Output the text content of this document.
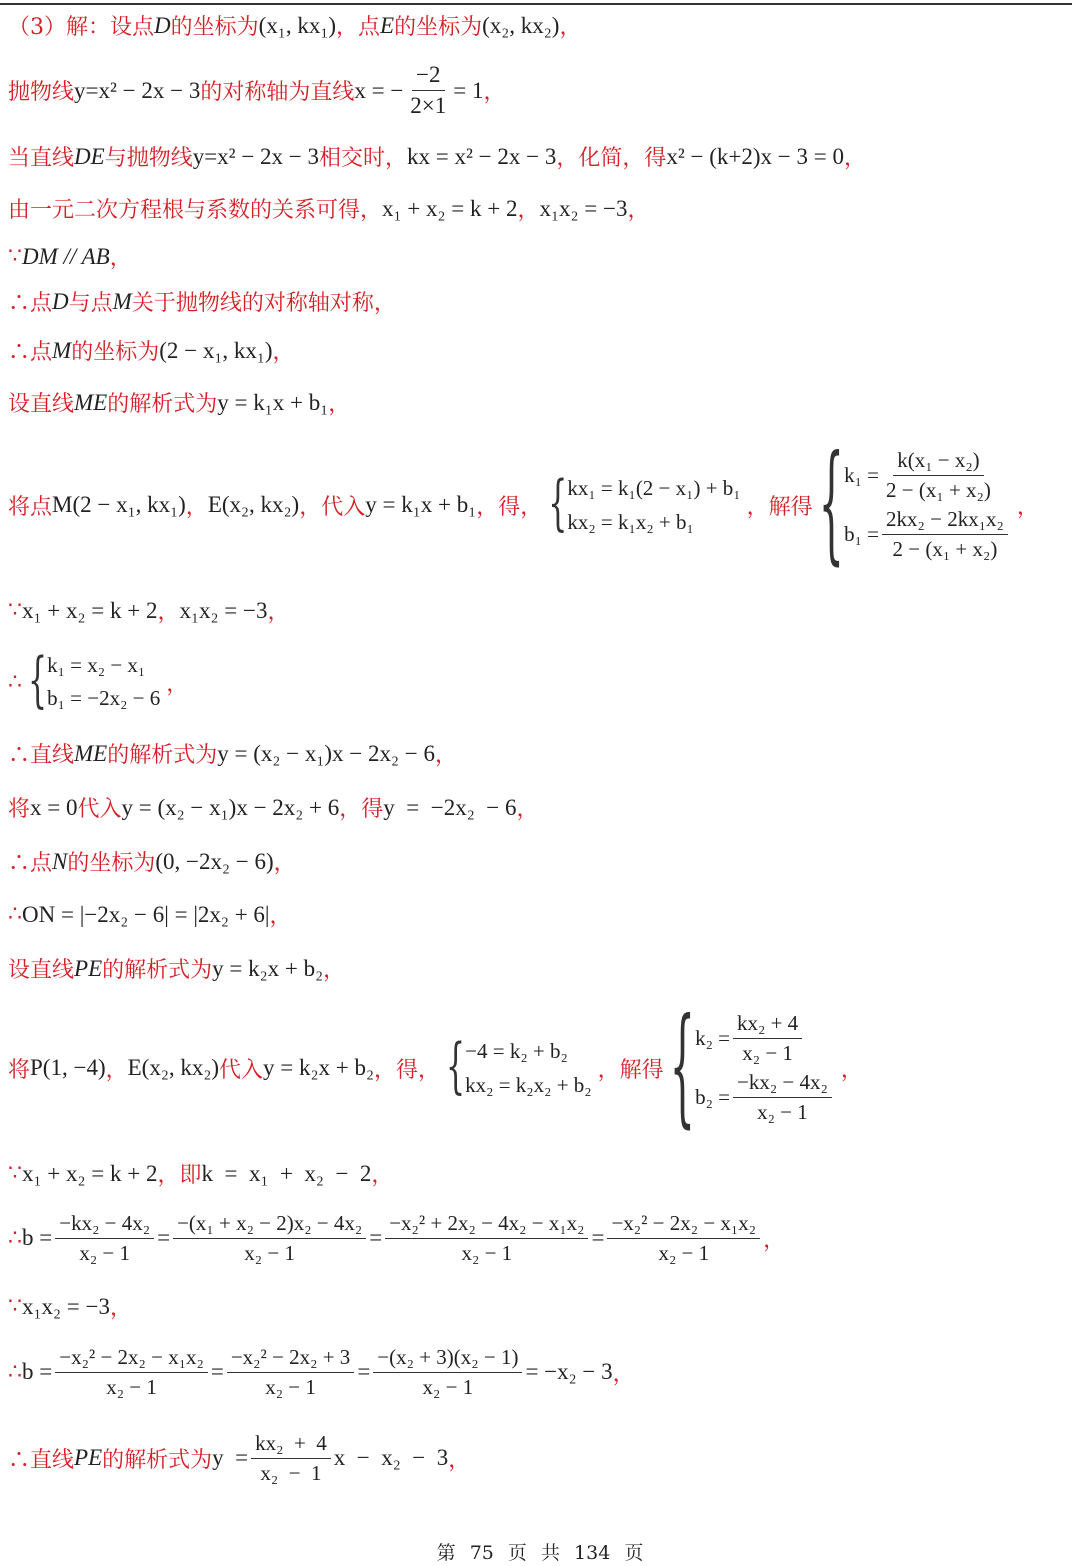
（3）解：设点 D 的坐标为 (x₁, kx₁) ，点 E 的坐标为 (x₂, kx₂) ，
抛物线 y=x² − 2x − 3 的对称轴为直线 x = − $\frac{-2}{2\times 1} = 1$ ，
当直线 DE 与抛物线 y=x² − 2x − 3 相交时， kx = x² − 2x − 3 ，化简，得 x² − (k+2)x − 3 = 0 ，
由一元二次方程根与系数的关系可得， x₁ + x₂ = k + 2 ， x₁x₂ = −3 ，
∵ DM // AB ，
∴点 D 与点 M 关于抛物线的对称轴对称，
∴点 M 的坐标为 (2 − x₁, kx₁) ，
设直线 ME 的解析式为 y = k₁x + b₁ ，
将点 M(2 − x₁, kx₁) ， E(x₂, kx₂) ，代入 y = k₁x + b₁ ，得， { kx₁ = k₁(2 − x₁) + b₁
kx₂ = k₁x₂ + b₁
，解得 { $k_1 = \frac{\text{k(x₁ − x₂)}}{\text{2 − (x₁ + x₂)}}$
$b_1 = \frac{\text{2kx₂ − 2kx₁x₂}}{\text{2 − (x₁ + x₂)}}$ ，
∵ x₁ + x₂ = k + 2 ， x₁x₂ = −3 ，
∴ { k₁ = x₂ − x₁
b₁ = −2x₂ − 6
，
∴直线 ME 的解析式为 y = (x₂ − x₁)x − 2x₂ − 6 ，
将 x = 0 代入 y = (x₂ − x₁)x − 2x₂ + 6 ，得 y  =  −2x₂  − 6 ，
∴点 N 的坐标为 (0, −2x₂ − 6) ，
∴ ON = |−2x₂ − 6| = |2x₂ + 6| ，
设直线 PE 的解析式为 y = k₂x + b₂ ，
将 P(1, −4) ， E(x₂, kx₂) 代入 y = k₂x + b₂ ，得， { −4 = k₂ + b₂
kx₂ = k₂x₂ + b₂
，解得 { $k_2 = \frac{\text{kx₂ + 4}}{\text{x₂ − 1}}$
$b_2 = \frac{\text{−kx₂ − 4x₂}}{\text{x₂ − 1}}$ ，
∵ x₁ + x₂ = k + 2 ，即 k  =  x₁  +  x₂  −  2 ，
∴ $b = \frac{\text{−kx₂ − 4x₂}}{\text{x₂ − 1}} = \frac{\text{−(x₁ + x₂ − 2)x₂ − 4x₂}}{\text{x₂ − 1}} = \frac{\text{−x₂² + 2x₂ − 4x₂ − x₁x₂}}{\text{x₂ − 1}} = \frac{\text{−x₂² − 2x₂ − x₁x₂}}{\text{x₂ − 1}}$ ，
∵ x₁x₂ = −3 ，
∴ $b = \frac{\text{−x₂² − 2x₂ − x₁x₂}}{\text{x₂ − 1}} = \frac{\text{−x₂² − 2x₂ + 3}}{\text{x₂ − 1}} = \frac{\text{−(x₂ + 3)(x₂ − 1)}}{\text{x₂ − 1}} = -x_2 - 3$ ，
∴直线 PE 的解析式为 $y = \frac{\text{kx₂  +  4}}{\text{x₂  −  1}}$ x  −  x₂  −  3 ，
第 75 页 共 134 页
